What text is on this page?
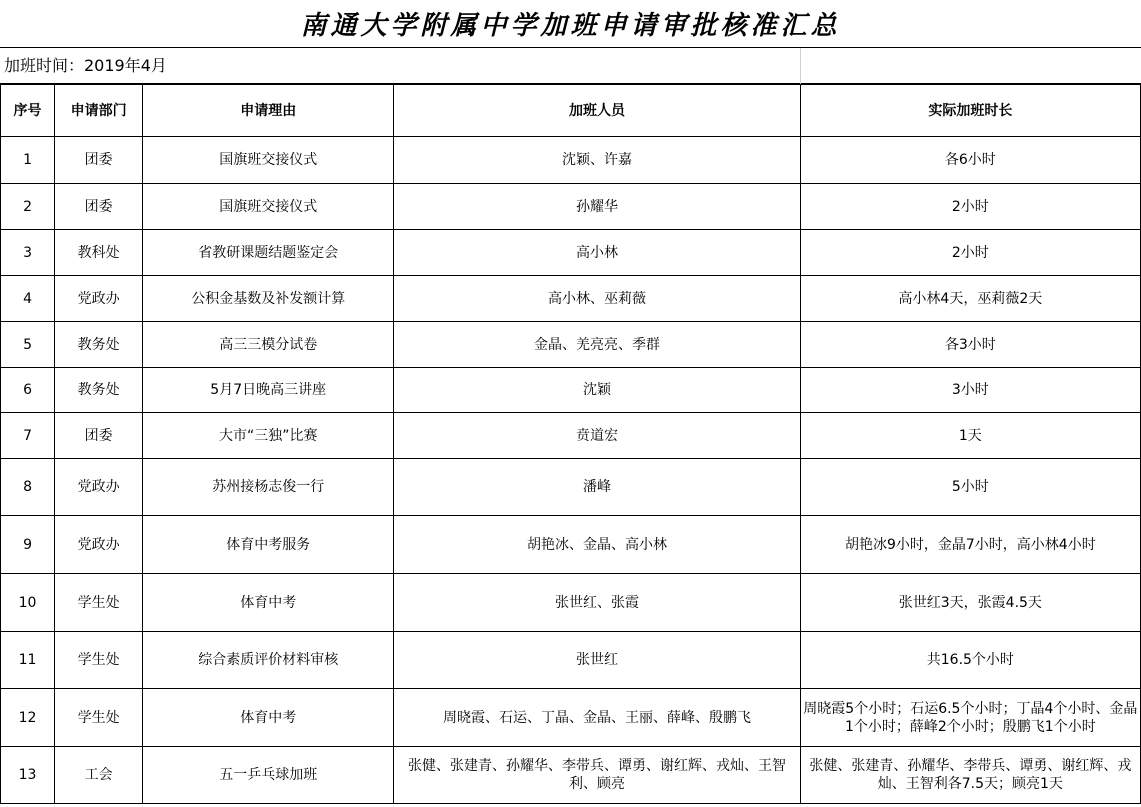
南通大学附属中学加班申请审批核准汇总
加班时间：2019年4月
序号	申请部门	申请理由	加班人员	实际加班时长
1	团委	国旗班交接仪式	沈颖、许嘉	各6小时
2	团委	国旗班交接仪式	孙耀华	2小时
3	教科处	省教研课题结题鉴定会	高小林	2小时
4	党政办	公积金基数及补发额计算	高小林、巫莉薇	高小林4天，巫莉薇2天
5	教务处	高三三模分试卷	金晶、羌亮亮、季群	各3小时
6	教务处	5月7日晚高三讲座	沈颖	3小时
7	团委	大市“三独”比赛	贲道宏	1天
8	党政办	苏州接杨志俊一行	潘峰	5小时
9	党政办	体育中考服务	胡艳冰、金晶、高小林	胡艳冰9小时，金晶7小时，高小林4小时
10	学生处	体育中考	张世红、张霞	张世红3天，张霞4.5天
11	学生处	综合素质评价材料审核	张世红	共16.5个小时
12	学生处	体育中考	周晓霞、石运、丁晶、金晶、王丽、薛峰、殷鹏飞	周晓霞5个小时；石运6.5个小时；丁晶4个小时、金晶1个小时；薛峰2个小时；殷鹏飞1个小时
13	工会	五一乒乓球加班	张健、张建青、孙耀华、李带兵、谭勇、谢红辉、戎灿、王智利、顾亮	张健、张建青、孙耀华、李带兵、谭勇、谢红辉、戎灿、王智利各7.5天；顾亮1天
